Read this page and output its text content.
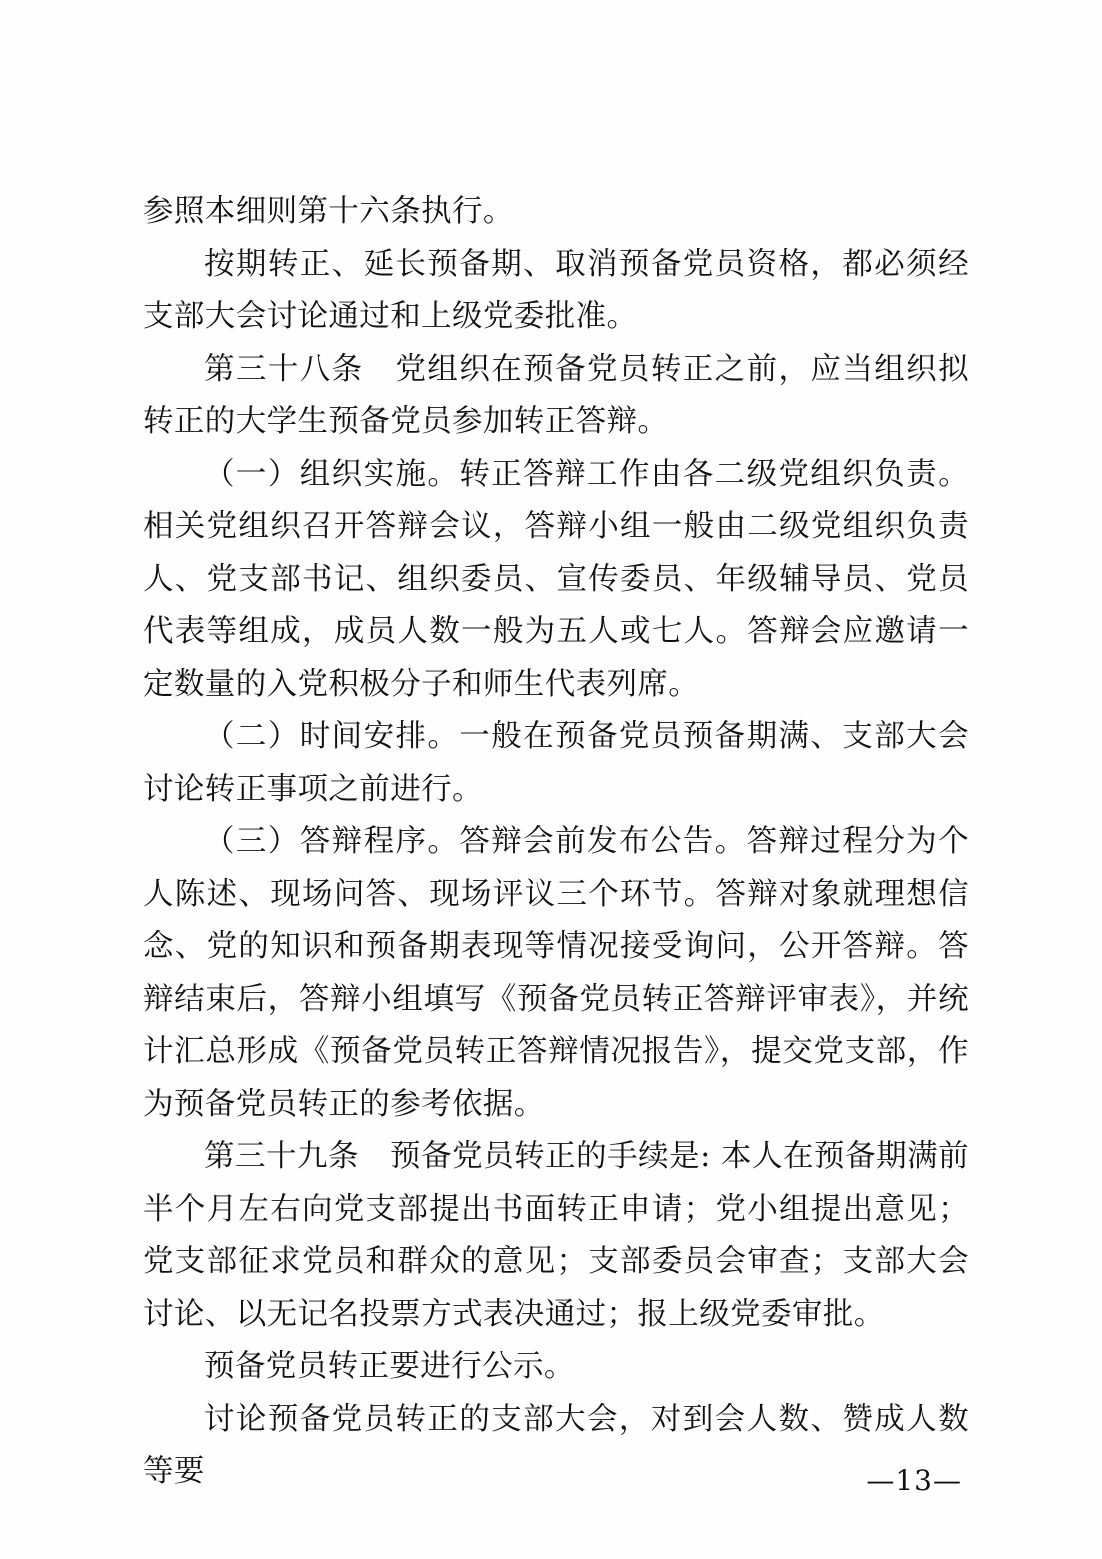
参照本细则第十六条执行。

按期转正、延长预备期、取消预备党员资格，都必须经支部大会讨论通过和上级党委批准。

第三十八条　党组织在预备党员转正之前，应当组织拟转正的大学生预备党员参加转正答辩。

（一）组织实施。转正答辩工作由各二级党组织负责。相关党组织召开答辩会议，答辩小组一般由二级党组织负责人、党支部书记、组织委员、宣传委员、年级辅导员、党员代表等组成，成员人数一般为五人或七人。答辩会应邀请一定数量的入党积极分子和师生代表列席。

（二）时间安排。一般在预备党员预备期满、支部大会讨论转正事项之前进行。

（三）答辩程序。答辩会前发布公告。答辩过程分为个人陈述、现场问答、现场评议三个环节。答辩对象就理想信念、党的知识和预备期表现等情况接受询问，公开答辩。答辩结束后，答辩小组填写《预备党员转正答辩评审表》，并统计汇总形成《预备党员转正答辩情况报告》，提交党支部，作为预备党员转正的参考依据。

第三十九条　预备党员转正的手续是: 本人在预备期满前半个月左右向党支部提出书面转正申请；党小组提出意见；党支部征求党员和群众的意见；支部委员会审查；支部大会讨论、以无记名投票方式表决通过；报上级党委审批。

预备党员转正要进行公示。

讨论预备党员转正的支部大会，对到会人数、赞成人数等要	—13—
